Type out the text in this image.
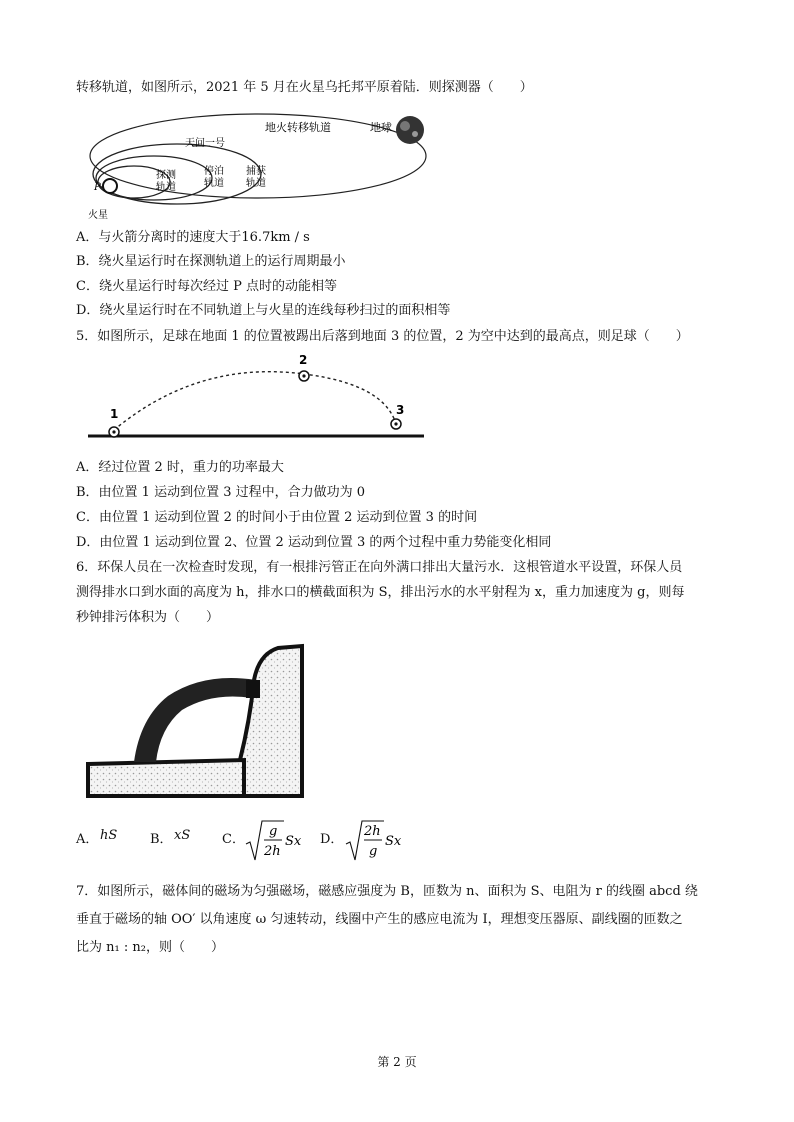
转移轨道，如图所示，2021 年 5 月在火星乌托邦平原着陆．则探测器（　　）
地火转移轨道	地球
天问一号
探测
轨道
停泊
轨道
捕获
轨道
P
火星
A．与火箭分离时的速度大于16.7km / s
B．绕火星运行时在探测轨道上的运行周期最小
C．绕火星运行时每次经过 P 点时的动能相等
D．绕火星运行时在不同轨道上与火星的连线每秒扫过的面积相等
5．如图所示，足球在地面 1 的位置被踢出后落到地面 3 的位置，2 为空中达到的最高点，则足球（　　）
1
2
3
A．经过位置 2 时，重力的功率最大
B．由位置 1 运动到位置 3 过程中，合力做功为 0
C．由位置 1 运动到位置 2 的时间小于由位置 2 运动到位置 3 的时间
D．由位置 1 运动到位置 2、位置 2 运动到位置 3 的两个过程中重力势能变化相同
6．环保人员在一次检查时发现，有一根排污管正在向外满口排出大量污水．这根管道水平设置，环保人员
测得排水口到水面的高度为 h，排水口的横截面积为 S，排出污水的水平射程为 x，重力加速度为 g，则每
秒钟排污体积为（　　）
A． hS	B． xS C．	D．
g
2h
Sx
2h
g
Sx
7．如图所示，磁体间的磁场为匀强磁场，磁感应强度为 B，匝数为 n、面积为 S、电阻为 r 的线圈 abcd 绕
垂直于磁场的轴 OO′ 以角速度 ω 匀速转动，线圈中产生的感应电流为 I，理想变压器原、副线圈的匝数之
比为 n₁ : n₂，则（　　）
第 2 页
